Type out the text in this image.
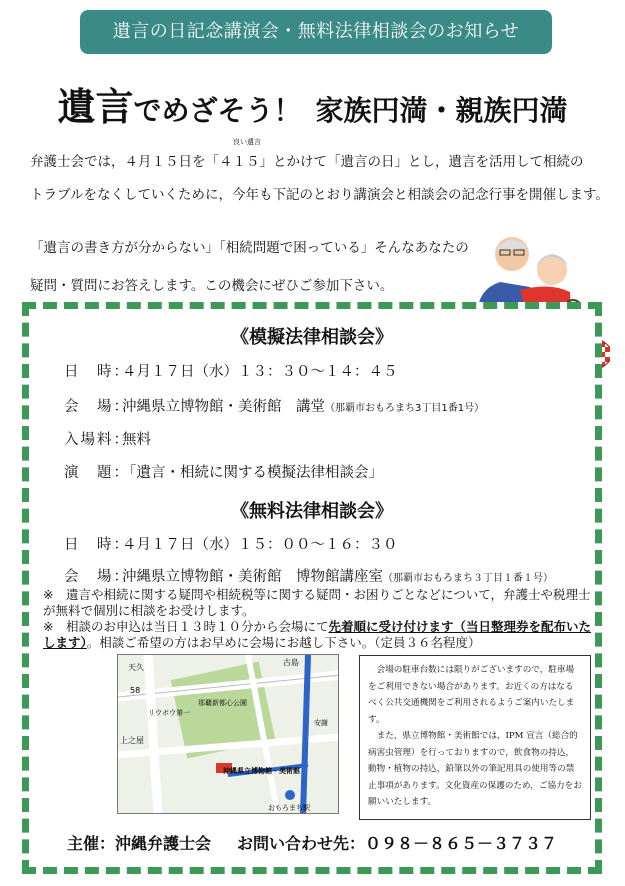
遺言の日記念講演会・無料法律相談会のお知らせ
遺言でめざそう！ 家族円満・親族円満
弁護士会では，４月１５日を「
良い遺言
４１５」とかけて「遺言の日」とし，遺言を活用して相続の
トラブルをなくしていくために，今年も下記のとおり講演会と相談会の記念行事を開催します。
「遺言の書き方が分からない」「相続問題で困っている」そんなあなたの
疑問・質問にお答えします。この機会にぜひご参加下さい。
《模擬法律相談会》
日　時：４月１７日（水）１３：３０～１４：４５
会　場：沖縄県立博物館・美術館　講堂（那覇市おもろまち3丁目1番1号）
入場料：無料
演　題：「遺言・相続に関する模擬法律相談会」
《無料法律相談会》
日　時：４月１７日（水）１５：００～１６：３０
会　場：沖縄県立博物館・美術館　博物館講座室（那覇市おもろまち３丁目１番１号）
※　遺言や相続に関する疑問や相続税等に関する疑問・お困りごとなどについて，弁護士や税理士が無料で個別に相談をお受けします。
※　相談のお申込は当日１３時１０分から会場にて先着順に受け付けます（当日整理券を配布いたします）。相談ご希望の方はお早めに会場にお越し下さい。（定員３６名程度）
天久
58
上之屋
古島
リウボウ第一
那覇新都心公園
沖縄県立博物館・美術館
おもろまち駅
安謝

会場の駐車台数には限りがございますので，駐車場をご利用できない場合があります。お近くの方はなるべく公共交通機関をご利用されるようご案内いたします。

また，県立博物館・美術館では，IPM 宣言（総合的病害虫管理）を行っておりますので，飲食物の持込，動物・植物の持込，鉛筆以外の筆記用具の使用等の禁止事項があります。文化資産の保護のため，ご協力をお願いいたします。

主催：沖縄弁護士会 お問い合わせ先：０９８－８６５－３７３７
